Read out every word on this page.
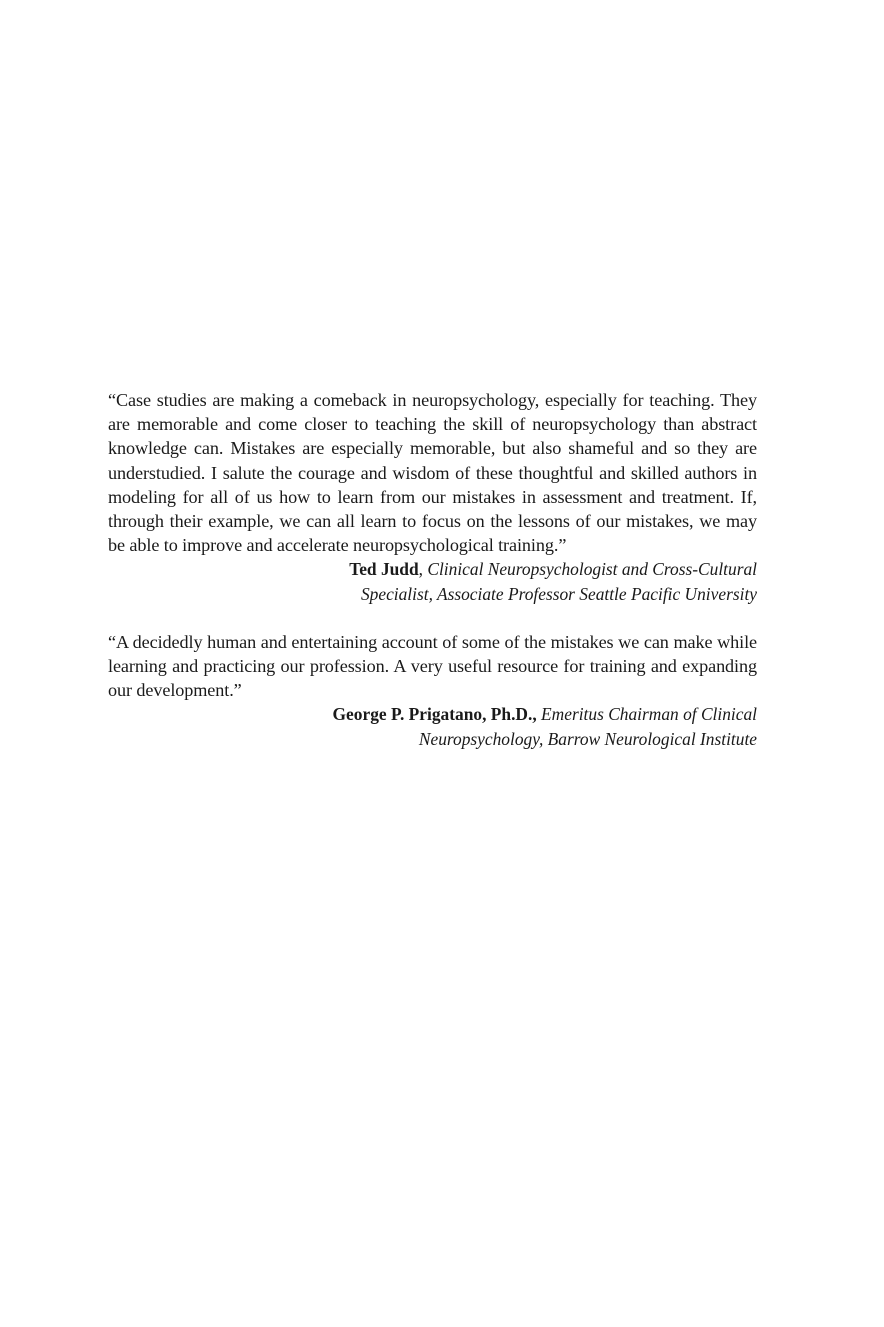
“Case studies are making a comeback in neuropsychology, especially for teaching. They are memorable and come closer to teaching the skill of neuropsychology than abstract knowledge can. Mistakes are especially memorable, but also shameful and so they are understudied. I salute the courage and wisdom of these thoughtful and skilled authors in modeling for all of us how to learn from our mistakes in assessment and treatment. If, through their example, we can all learn to focus on the lessons of our mistakes, we may be able to improve and accelerate neuropsychological training.”

Ted Judd, Clinical Neuropsychologist and Cross-Cultural
Specialist, Associate Professor Seattle Pacific University

“A decidedly human and entertaining account of some of the mistakes we can make while learning and practicing our profession. A very useful resource for training and expanding our development.”

George P. Prigatano, Ph.D., Emeritus Chairman of Clinical
Neuropsychology, Barrow Neurological Institute
